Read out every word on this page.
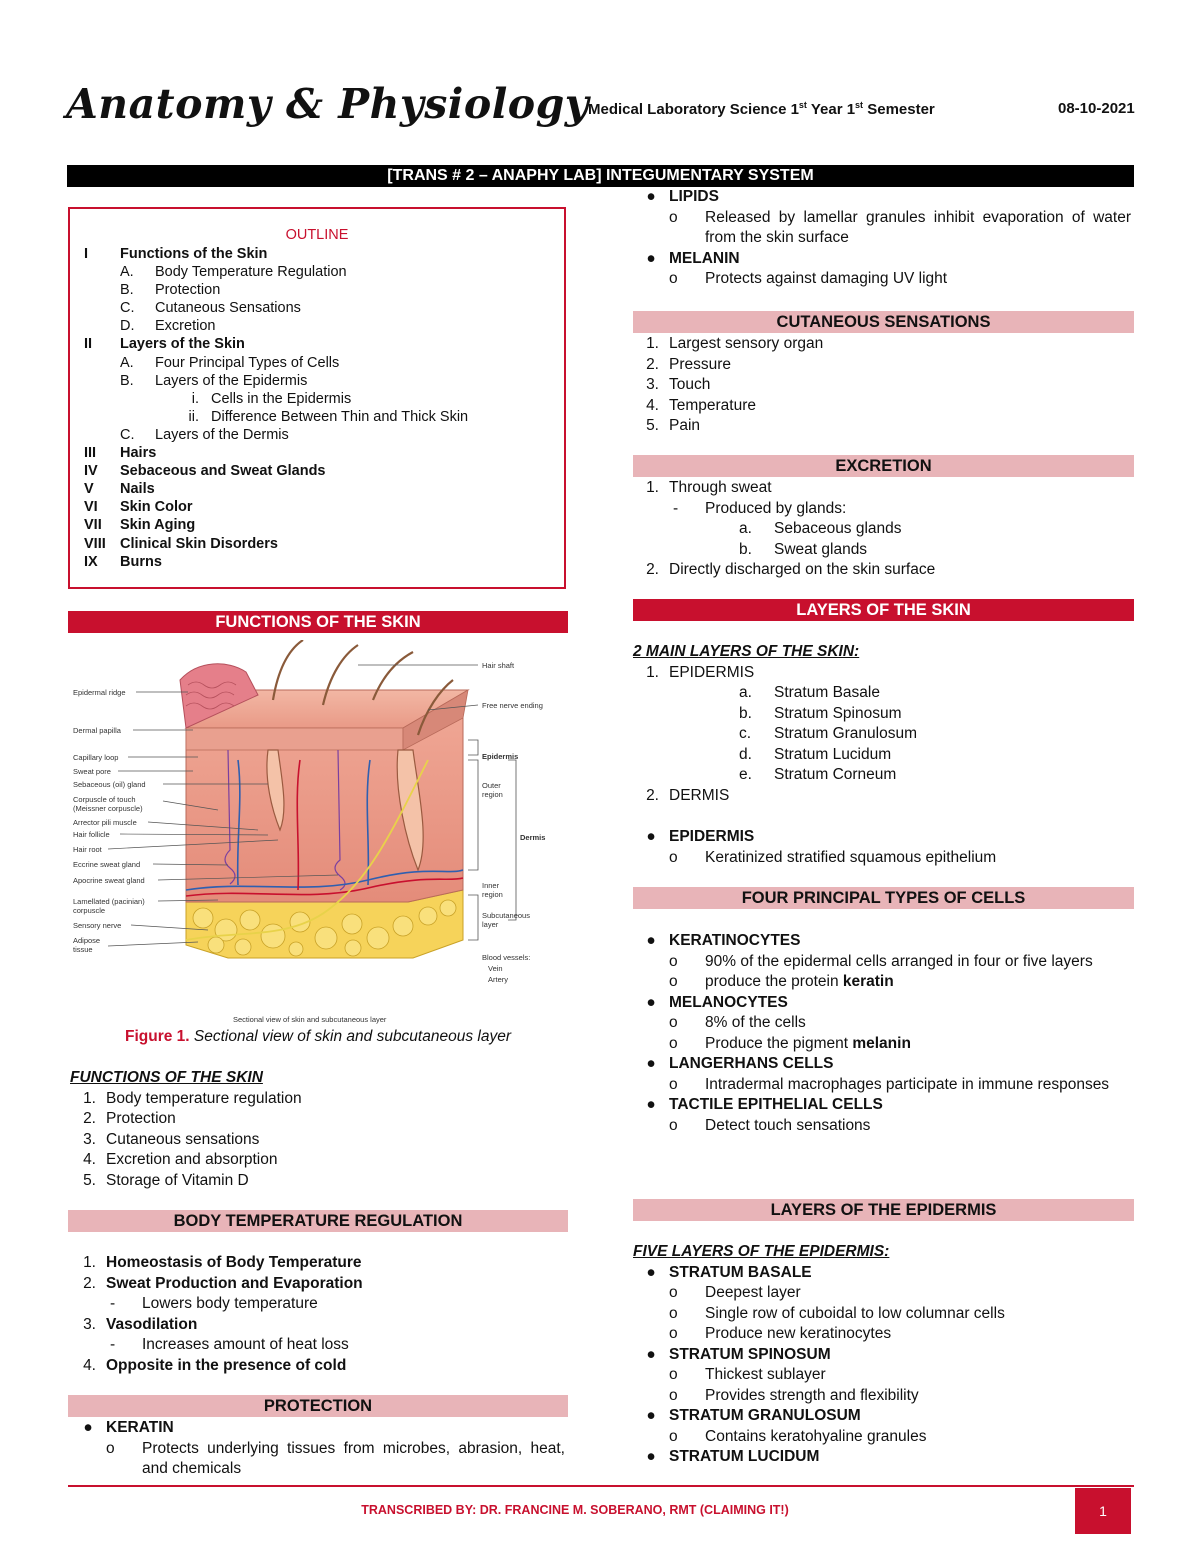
Anatomy & Physiology
Medical Laboratory Science 1st Year 1st Semester	08-10-2021
[TRANS # 2 – ANAPHY LAB] INTEGUMENTARY SYSTEM
OUTLINE
I	Functions of the Skin
A.	Body Temperature Regulation
B.	Protection
C.	Cutaneous Sensations
D.	Excretion
II	Layers of the Skin
A.	Four Principal Types of Cells
B.	Layers of the Epidermis
i. Cells in the Epidermis
ii. Difference Between Thin and Thick Skin
C.	Layers of the Dermis
III	Hairs
IV	Sebaceous and Sweat Glands
V	Nails
VI	Skin Color
VII	Skin Aging
VIII Clinical Skin Disorders
IX	Burns
FUNCTIONS OF THE SKIN
Epidermal ridge
Dermal papilla
Capillary loop
Sweat pore
Sebaceous (oil) gland
Corpuscle of touch
(Meissner corpuscle)
Arrector pili muscle
Hair follicle
Hair root
Eccrine sweat gland
Apocrine sweat gland
Lamellated (pacinian)
corpuscle
Sensory nerve
Adipose
tissue
Hair shaft
Free nerve ending
Epidermis
Outer
region
Dermis
Inner
region
Subcutaneous
layer
Blood vessels:
Vein
Artery
Sectional view of skin and subcutaneous layer
Figure 1. Sectional view of skin and subcutaneous layer
FUNCTIONS OF THE SKIN
1. Body temperature regulation
2. Protection
3. Cutaneous sensations
4. Excretion and absorption
5. Storage of Vitamin D
BODY TEMPERATURE REGULATION
1. Homeostasis of Body Temperature
2. Sweat Production and Evaporation
-	Lowers body temperature
3. Vasodilation
-	Increases amount of heat loss
4. Opposite in the presence of cold
PROTECTION
● KERATIN
o	Protects underlying tissues from microbes, abrasion, heat, and chemicals
● LIPIDS
o	Released by lamellar granules inhibit evaporation of water from the skin surface
● MELANIN
o	Protects against damaging UV light
CUTANEOUS SENSATIONS
1. Largest sensory organ
2. Pressure
3. Touch
4. Temperature
5. Pain
EXCRETION
1. Through sweat
-	Produced by glands:
a.	Sebaceous glands
b.	Sweat glands
2. Directly discharged on the skin surface
LAYERS OF THE SKIN
2 MAIN LAYERS OF THE SKIN:
1. EPIDERMIS
a.	Stratum Basale
b.	Stratum Spinosum
c.	Stratum Granulosum
d.	Stratum Lucidum
e.	Stratum Corneum
2. DERMIS
● EPIDERMIS
o	Keratinized stratified squamous epithelium
FOUR PRINCIPAL TYPES OF CELLS
● KERATINOCYTES
o	90% of the epidermal cells arranged in four or five layers
o	produce the protein keratin
● MELANOCYTES
o	8% of the cells
o	Produce the pigment melanin
● LANGERHANS CELLS
o	Intradermal macrophages participate in immune responses
● TACTILE EPITHELIAL CELLS
o	Detect touch sensations
LAYERS OF THE EPIDERMIS
FIVE LAYERS OF THE EPIDERMIS:
● STRATUM BASALE
o	Deepest layer
o	Single row of cuboidal to low columnar cells
o	Produce new keratinocytes
● STRATUM SPINOSUM
o	Thickest sublayer
o	Provides strength and flexibility
● STRATUM GRANULOSUM
o	Contains keratohyaline granules
● STRATUM LUCIDUM
TRANSCRIBED BY: DR. FRANCINE M. SOBERANO, RMT (CLAIMING IT!)	1
